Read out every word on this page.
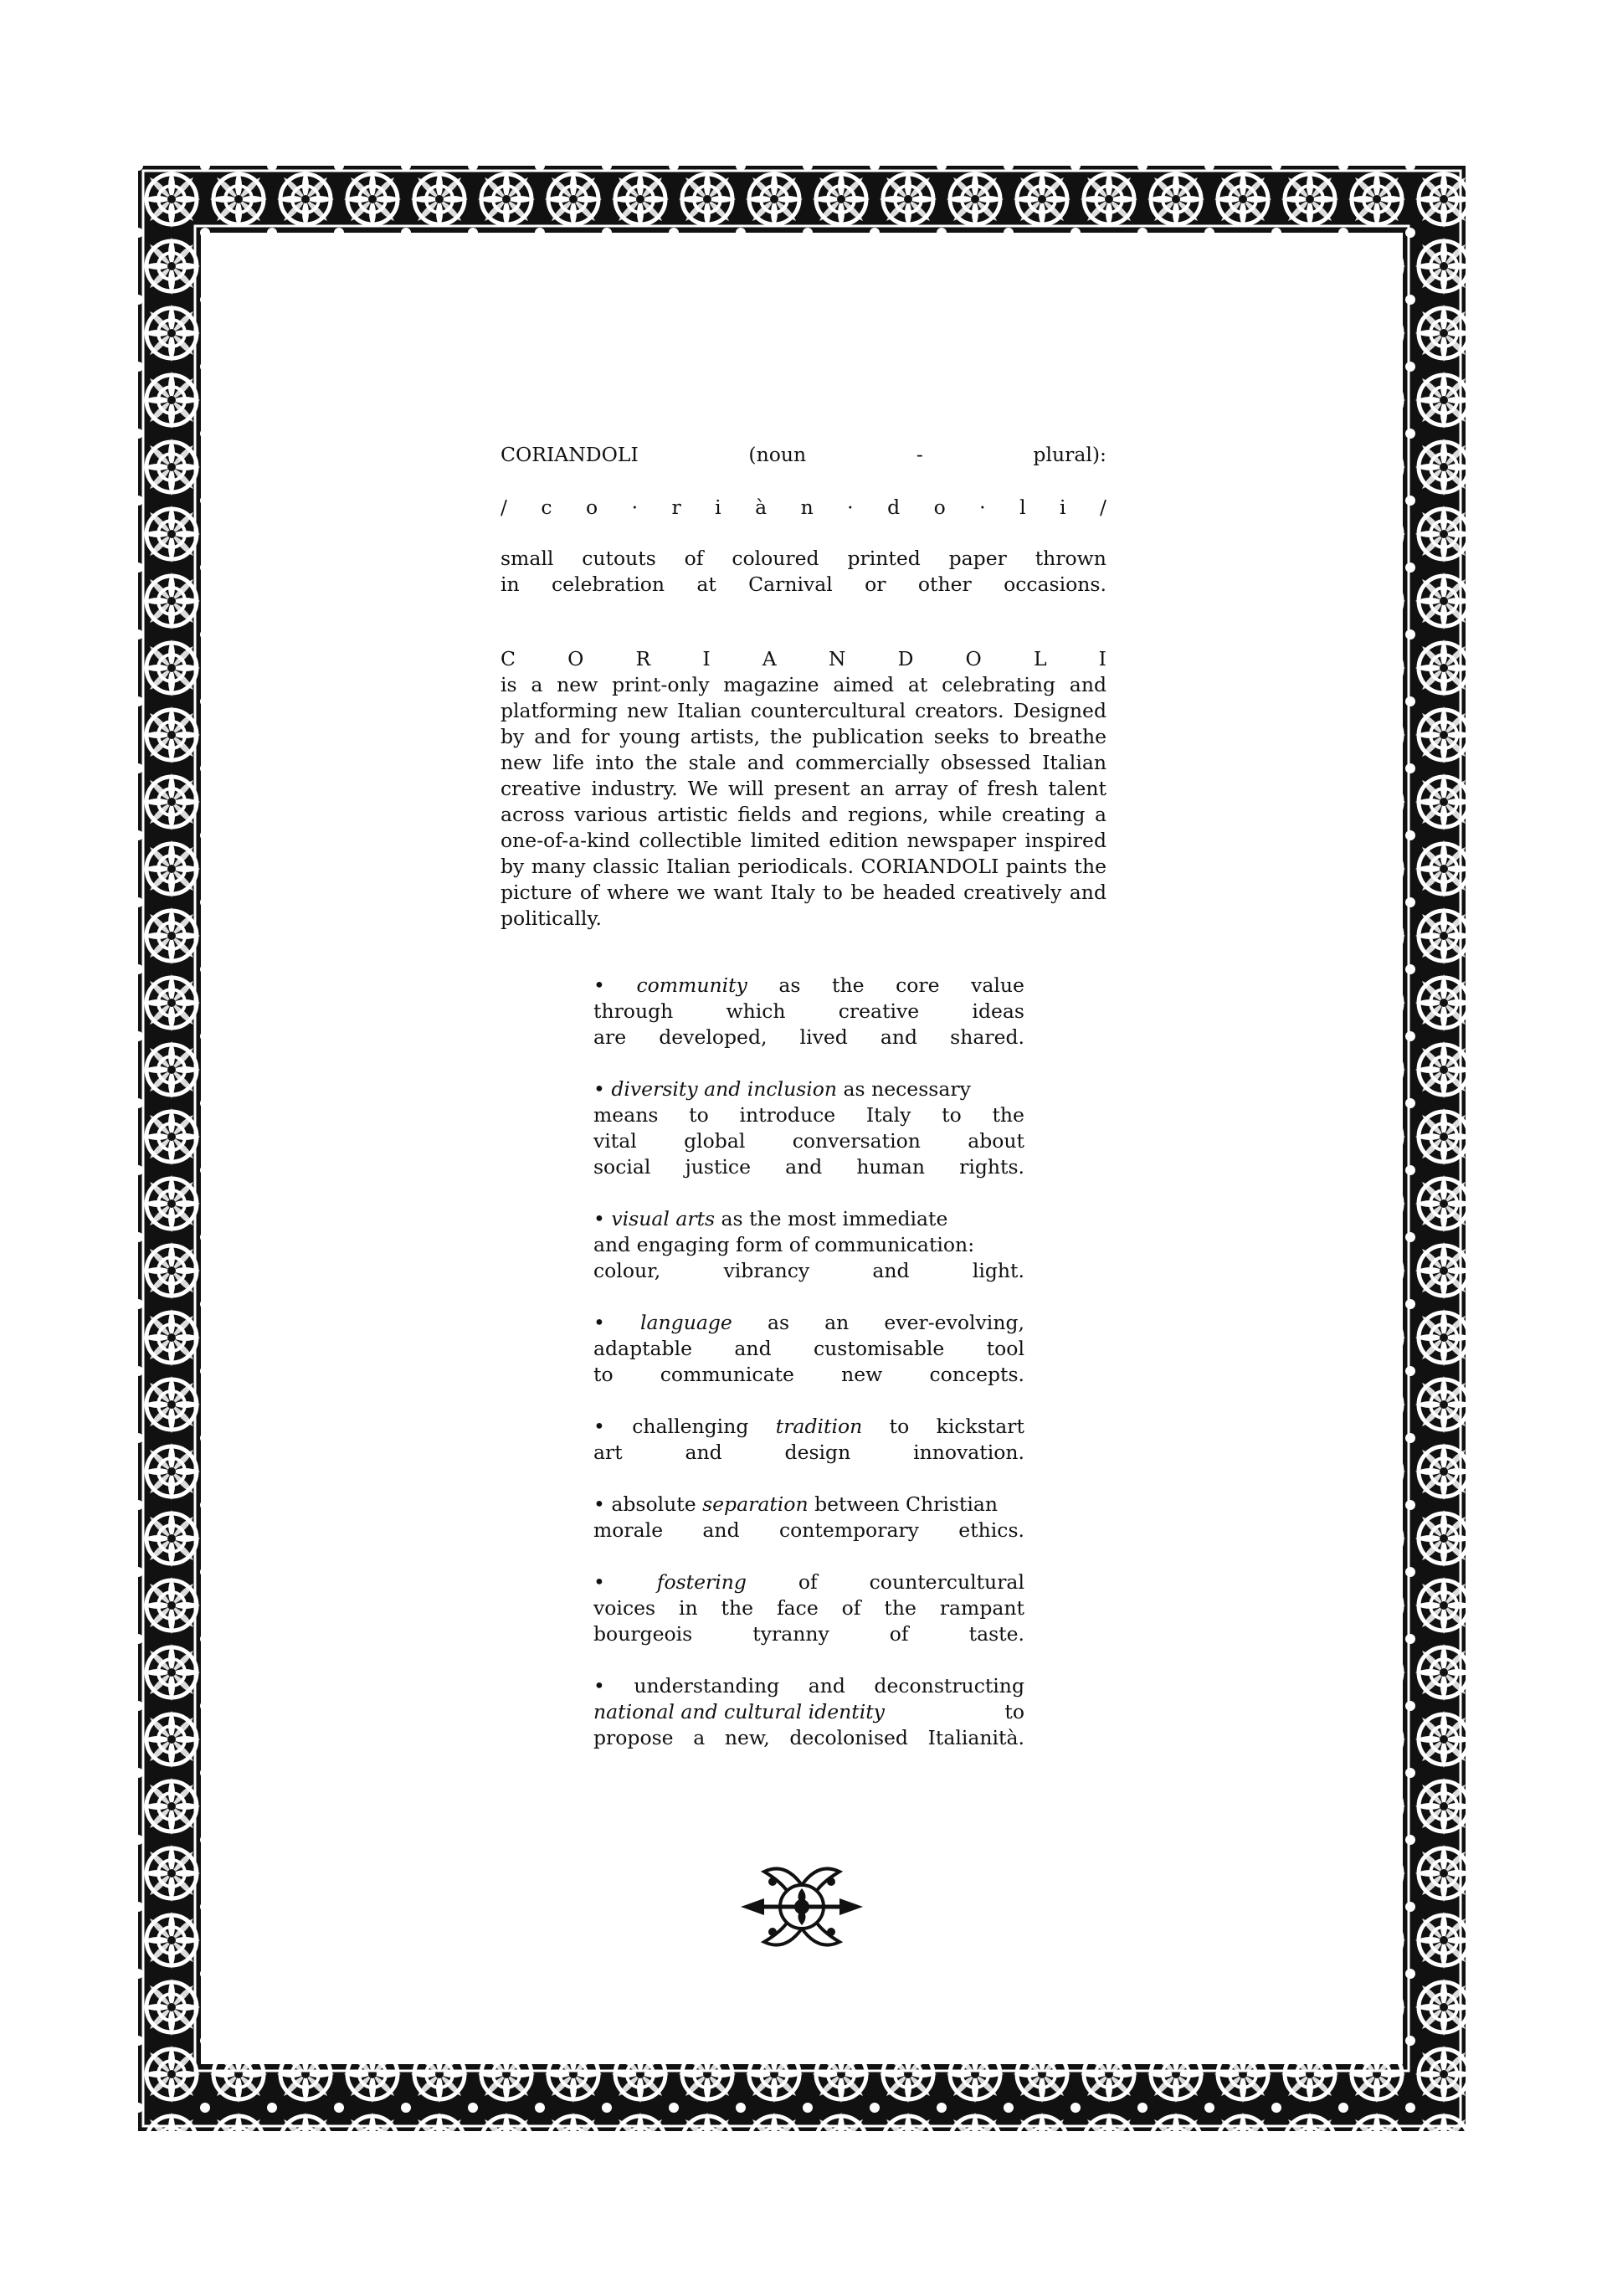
CORIANDOLI	(noun	-	plural):
/ c o · r i à n · d o · l i /
small cutouts of coloured printed paper thrown
in celebration at Carnival or other occasions.
C	O	R	I	A	N	D	O	L	I

is a new print-only magazine aimed at celebrating and platforming new Italian countercultural creators. Designed by and for young artists, the publication seeks to breathe new life into the stale and commercially obsessed Italian creative industry. We will present an array of fresh talent across various artistic fields and regions, while creating a one-of-a-kind collectible limited edition newspaper inspired by many classic Italian periodicals. CORIANDOLI paints the picture of where we want Italy to be headed creatively and politically.

• community as the core value
through	which	creative	ideas
are developed, lived and shared.
• diversity and inclusion as necessary
means to introduce Italy to the
vital global conversation about
social justice and human rights.
• visual arts as the most immediate
and engaging form of communication:
colour,	vibrancy	and	light.
• language as an ever-evolving,
adaptable and customisable tool
to communicate new concepts.
• challenging tradition to kickstart
art	and	design	innovation.
• absolute separation between Christian
morale and contemporary ethics.
•	fostering	of	countercultural
voices in the face of the rampant
bourgeois	tyranny	of	taste.
• understanding and deconstructing
national and cultural identity	to
propose a new, decolonised Italianità.
